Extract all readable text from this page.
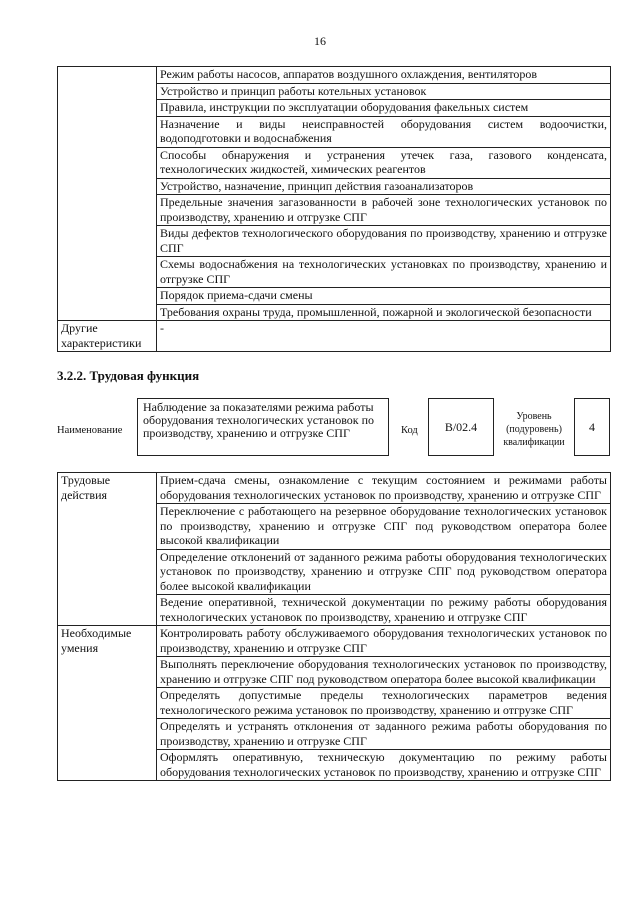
16
	Режим работы насосов, аппаратов воздушного охлаждения, вентиляторов
	Устройство и принцип работы котельных установок
	Правила, инструкции по эксплуатации оборудования факельных систем
	Назначение и виды неисправностей оборудования систем водоочистки, водоподготовки и водоснабжения
	Способы обнаружения и устранения утечек газа, газового конденсата, технологических жидкостей, химических реагентов
	Устройство, назначение, принцип действия газоанализаторов
	Предельные значения загазованности в рабочей зоне технологических установок по производству, хранению и отгрузке СПГ
	Виды дефектов технологического оборудования по производству, хранению и отгрузке СПГ
	Схемы водоснабжения на технологических установках по производству, хранению и отгрузке СПГ
	Порядок приема-сдачи смены
	Требования охраны труда, промышленной, пожарной и экологической безопасности
Другие характеристики	-
3.2.2. Трудовая функция
Наименование
Наблюдение за показателями режима работы оборудования технологических установок по производству, хранению и отгрузке СПГ	Код	B/02.4
Уровень (подуровень) квалификации
4
Трудовые действия	Прием-сдача смены, ознакомление с текущим состоянием и режимами работы оборудования технологических установок по производству, хранению и отгрузке СПГ
	Переключение с работающего на резервное оборудование технологических установок по производству, хранению и отгрузке СПГ под руководством оператора более высокой квалификации
	Определение отклонений от заданного режима работы оборудования технологических установок по производству, хранению и отгрузке СПГ под руководством оператора более высокой квалификации
	Ведение оперативной, технической документации по режиму работы оборудования технологических установок по производству, хранению и отгрузке СПГ
Необходимые умения	Контролировать работу обслуживаемого оборудования технологических установок по производству, хранению и отгрузке СПГ
	Выполнять переключение оборудования технологических установок по производству, хранению и отгрузке СПГ под руководством оператора более высокой квалификации
	Определять допустимые пределы технологических параметров ведения технологического режима установок по производству, хранению и отгрузке СПГ
	Определять и устранять отклонения от заданного режима работы оборудования по производству, хранению и отгрузке СПГ
	Оформлять оперативную, техническую документацию по режиму работы оборудования технологических установок по производству, хранению и отгрузке СПГ
